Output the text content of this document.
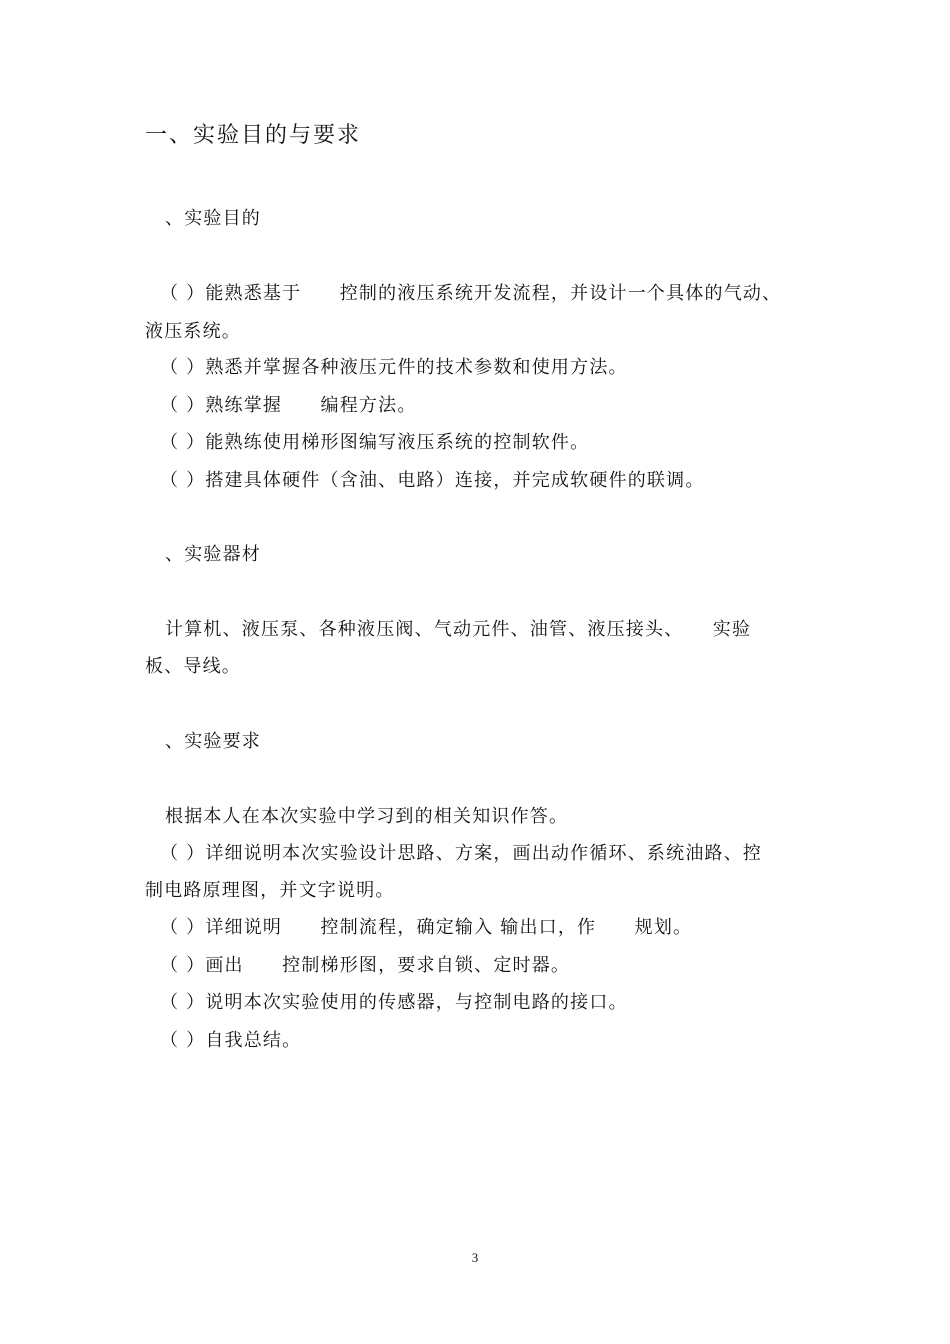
一、实验目的与要求
、实验目的
（ ）能熟悉基于　　控制的液压系统开发流程，并设计一个具体的气动、
液压系统。
（ ）熟悉并掌握各种液压元件的技术参数和使用方法。
（ ）熟练掌握　　编程方法。
（ ）能熟练使用梯形图编写液压系统的控制软件。
（ ）搭建具体硬件（含油、电路）连接，并完成软硬件的联调。
、实验器材
计算机、液压泵、各种液压阀、气动元件、油管、液压接头、　　实验
板、导线。
、实验要求
根据本人在本次实验中学习到的相关知识作答。
（ ）详细说明本次实验设计思路、方案，画出动作循环、系统油路、控
制电路原理图，并文字说明。
（ ）详细说明　　控制流程，确定输入 输出口，作　　规划。
（ ）画出　　控制梯形图，要求自锁、定时器。
（ ）说明本次实验使用的传感器，与控制电路的接口。
（ ）自我总结。
3
